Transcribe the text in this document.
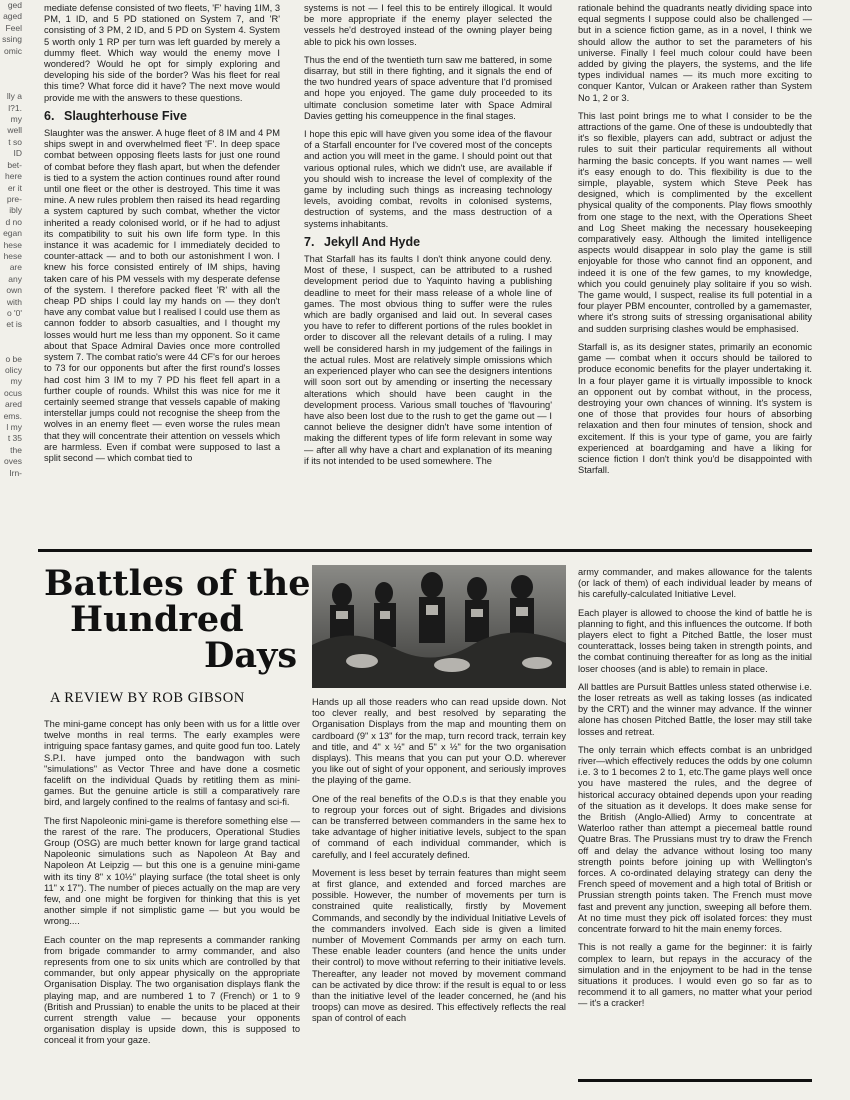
ged
aged
Feel
ssing
omic

lly a
l?1.
my
well
t so
ID
bet-
here
er it
pre-
ibly
d no
egan
hese
hese
are
any
own
with
o '0'
et is

o be
olicy
my
ocus
ared
ems.
l my
t 35
the
oves
Irn-

mediate defense consisted of two fleets, 'F' having 1IM, 3 PM, 1 ID, and 5 PD stationed on System 7, and 'R' consisting of 3 PM, 2 ID, and 5 PD on System 4. System 5 worth only 1 RP per turn was left guarded by merely a dummy fleet. Which way would the enemy move I wondered? Would he opt for simply exploring and developing his side of the border? Was his fleet for real this time? What force did it have? The next move would provide me with the answers to these questions.

6. Slaughterhouse Five

Slaughter was the answer. A huge fleet of 8 IM and 4 PM ships swept in and overwhelmed fleet 'F'. In deep space combat between opposing fleets lasts for just one round of combat before they flash apart, but when the defender is tied to a system the action continues round after round until one fleet or the other is destroyed. This time it was mine. A new rules problem then raised its head regarding a system captured by such combat, whether the victor inherited a ready colonised world, or if he had to adjust its compatibility to suit his own life form type. In this instance it was academic for I immediately decided to counter-attack — and to both our astonishment I won. I knew his force consisted entirely of IM ships, having taken care of his PM vessels with my desperate defense of the system. I therefore packed fleet 'R' with all the cheap PD ships I could lay my hands on — they don't have any combat value but I realised I could use them as cannon fodder to absorb casualties, and I thought my losses would hurt me less than my opponent. So it came about that Space Admiral Davies once more controlled system 7. The combat ratio's were 44 CF's for our heroes to 73 for our opponents but after the first round's losses had cost him 3 IM to my 7 PD his fleet fell apart in a further couple of rounds. Whilst this was nice for me it certainly seemed strange that vessels capable of making interstellar jumps could not recognise the sheep from the wolves in an enemy fleet — even worse the rules mean that they will concentrate their attention on vessels which are harmless. Even if combat were supposed to last a split second — which combat tied to

systems is not — I feel this to be entirely illogical. It would be more appropriate if the enemy player selected the vessels he'd destroyed instead of the owning player being able to pick his own losses.

Thus the end of the twentieth turn saw me battered, in some disarray, but still in there fighting, and it signals the end of the two hundred years of space adventure that I'd promised and hope you enjoyed. The game duly proceeded to its ultimate conclusion sometime later with Space Admiral Davies getting his comeuppence in the final stages.

I hope this epic will have given you some idea of the flavour of a Starfall encounter for I've covered most of the concepts and action you will meet in the game. I should point out that various optional rules, which we didn't use, are available if you should wish to increase the level of complexity of the game by including such things as increasing technology levels, avoiding combat, revolts in colonised systems, destruction of systems, and the mass destruction of a systems inhabitants.

7. Jekyll And Hyde

That Starfall has its faults I don't think anyone could deny. Most of these, I suspect, can be attributed to a rushed development period due to Yaquinto having a publishing deadline to meet for their mass release of a whole line of games. The most obvious thing to suffer were the rules which are badly organised and laid out. In several cases you have to refer to different portions of the rules booklet in order to discover all the relevant details of a ruling. I may well be considered harsh in my judgement of the failings in the actual rules. Most are relatively simple omissions which an experienced player who can see the designers intentions will soon sort out by amending or inserting the necessary alterations which should have been caught in the development process. Various small touches of 'flavouring' have also been lost due to the rush to get the game out — I cannot believe the designer didn't have some intention of making the different types of life form relevant in some way — after all why have a chart and explanation of its meaning if its not intended to be used somewhere. The

rationale behind the quadrants neatly dividing space into equal segments I suppose could also be challenged — but in a science fiction game, as in a novel, I think we should allow the author to set the parameters of his universe. Finally I feel much colour could have been added by giving the players, the systems, and the life types individual names — its much more exciting to conquer Kantor, Vulcan or Arakeen rather than System No 1, 2 or 3.

This last point brings me to what I consider to be the attractions of the game. One of these is undoubtedly that it's so flexible, players can add, subtract or adjust the rules to suit their particular requirements all without harming the basic concepts. If you want names — well it's easy enough to do. This flexibility is due to the simple, playable, system which Steve Peek has designed, which is complimented by the excellent physical quality of the components. Play flows smoothly from one stage to the next, with the Operations Sheet and Log Sheet making the necessary housekeeping comparatively easy. Although the limited intelligence aspects would disappear in solo play the game is still enjoyable for those who cannot find an opponent, and indeed it is one of the few games, to my knowledge, which you could genuinely play solitaire if you so wish. The game would, I suspect, realise its full potential in a four player PBM encounter, controlled by a gamemaster, where it's strong suits of stressing organisational ability and sudden surprising clashes would be emphasised.

Starfall is, as its designer states, primarily an economic game — combat when it occurs should be tailored to produce economic benefits for the player undertaking it. In a four player game it is virtually impossible to knock an opponent out by combat without, in the process, destroying your own chances of winning. It's system is one of those that provides four hours of absorbing relaxation and then four minutes of tension, shock and excitement. If this is your type of game, you are fairly experienced at boardgaming and have a liking for science fiction I don't think you'd be disappointed with Starfall.

Battles of the
Hundred
Days
A REVIEW BY ROB GIBSON

The mini-game concept has only been with us for a little over twelve months in real terms. The early examples were intriguing space fantasy games, and quite good fun too. Lately S.P.I. have jumped onto the bandwagon with such "simulations" as Vector Three and have done a cosmetic facelift on the individual Quads by retitling them as mini-games. But the genuine article is still a comparatively rare bird, and largely confined to the realms of fantasy and sci-fi.

The first Napoleonic mini-game is therefore something else — the rarest of the rare. The producers, Operational Studies Group (OSG) are much better known for large grand tactical Napoleonic simulations such as Napoleon At Bay and Napoleon At Leipzig — but this one is a genuine mini-game with its tiny 8" x 10½" playing surface (the total sheet is only 11" x 17"). The number of pieces actually on the map are very few, and one might be forgiven for thinking that this is yet another simple if not simplistic game — but you would be wrong....

Each counter on the map represents a commander ranking from brigade commander to army commander, and also represents from one to six units which are controlled by that commander, but only appear physically on the appropriate Organisation Display. The two organisation displays flank the playing map, and are numbered 1 to 7 (French) or 1 to 9 (British and Prussian) to enable the units to be placed at their current strength value — because your opponents organisation display is upside down, this is supposed to conceal it from your gaze.

Hands up all those readers who can read upside down. Not too clever really, and best resolved by separating the Organisation Displays from the map and mounting them on cardboard (9" x 13" for the map, turn record track, terrain key and title, and 4" x ½" and 5" x ½" for the two organisation displays). This means that you can put your O.D. wherever you like out of sight of your opponent, and seriously improves the playing of the game.

One of the real benefits of the O.D.s is that they enable you to regroup your forces out of sight. Brigades and divisions can be transferred between commanders in the same hex to take advantage of higher initiative levels, subject to the span of command of each individual commander, which is carefully, and I feel accurately defined.

Movement is less beset by terrain features than might seem at first glance, and extended and forced marches are possible. However, the number of movements per turn is constrained quite realistically, firstly by Movement Commands, and secondly by the individual Initiative Levels of the commanders involved. Each side is given a limited number of Movement Commands per army on each turn. These enable leader counters (and hence the units under their control) to move without referring to their initiative levels. Thereafter, any leader not moved by movement command can be activated by dice throw: if the result is equal to or less than the initiative level of the leader concerned, he (and his troops) can move as desired. This effectively reflects the real span of control of each

army commander, and makes allowance for the talents (or lack of them) of each individual leader by means of his carefully-calculated Initiative Level.

Each player is allowed to choose the kind of battle he is planning to fight, and this influences the outcome. If both players elect to fight a Pitched Battle, the loser must counterattack, losses being taken in strength points, and the combat continuing thereafter for as long as the initial loser chooses (and is able) to remain in place.

All battles are Pursuit Battles unless stated otherwise i.e. the loser retreats as well as taking losses (as indicated by the CRT) and the winner may advance. If the winner alone has chosen Pitched Battle, the loser may still take losses and retreat.

The only terrain which effects combat is an unbridged river—which effectively reduces the odds by one column i.e. 3 to 1 becomes 2 to 1, etc.The game plays well once you have mastered the rules, and the degree of historical accuracy obtained depends upon your reading of the situation as it develops. It does make sense for the British (Anglo-Allied) Army to concentrate at Waterloo rather than attempt a piecemeal battle round Quatre Bras. The Prussians must try to draw the French off and delay the advance without losing too many strength points before joining up with Wellington's forces. A co-ordinated delaying strategy can deny the French speed of movement and a high total of British or Prussian strength points taken. The French must move fast and prevent any junction, sweeping all before them. At no time must they pick off isolated forces: they must concentrate forward to hit the main enemy forces.

This is not really a game for the beginner: it is fairly complex to learn, but repays in the accuracy of the simulation and in the enjoyment to be had in the tense situations it produces. I would even go so far as to recommend it to all gamers, no matter what your period — it's a cracker!
